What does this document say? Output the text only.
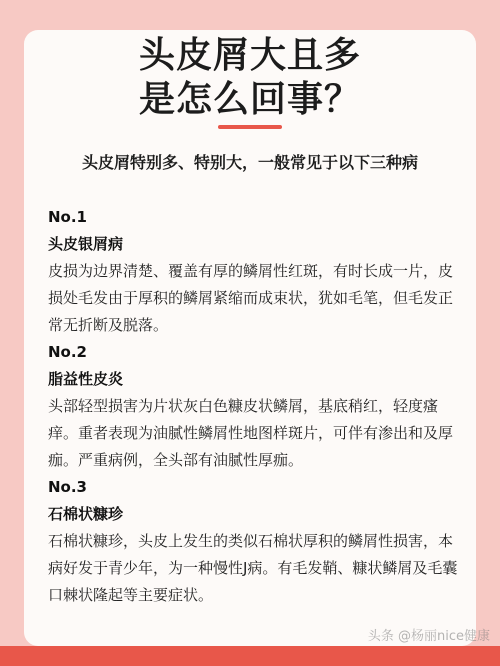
头皮屑大且多
是怎么回事？
头皮屑特别多、特别大，一般常见于以下三种病
No.1
头皮银屑病

皮损为边界清楚、覆盖有厚的鳞屑性红斑，有时长成一片，皮损处毛发由于厚积的鳞屑紧缩而成束状，犹如毛笔，但毛发正常无折断及脱落。

No.2
脂益性皮炎

头部轻型损害为片状灰白色糠皮状鳞屑，基底稍红，轻度瘙痒。重者表现为油腻性鳞屑性地图样斑片，可伴有渗出和及厚痂。严重病例，全头部有油腻性厚痂。

No.3
石棉状糠珍

石棉状糠珍，头皮上发生的类似石棉状厚积的鳞屑性损害，本病好发于青少年，为一种慢性J病。有毛发鞘、糠状鳞屑及毛囊口棘状隆起等主要症状。

头条 @杨丽nice健康
